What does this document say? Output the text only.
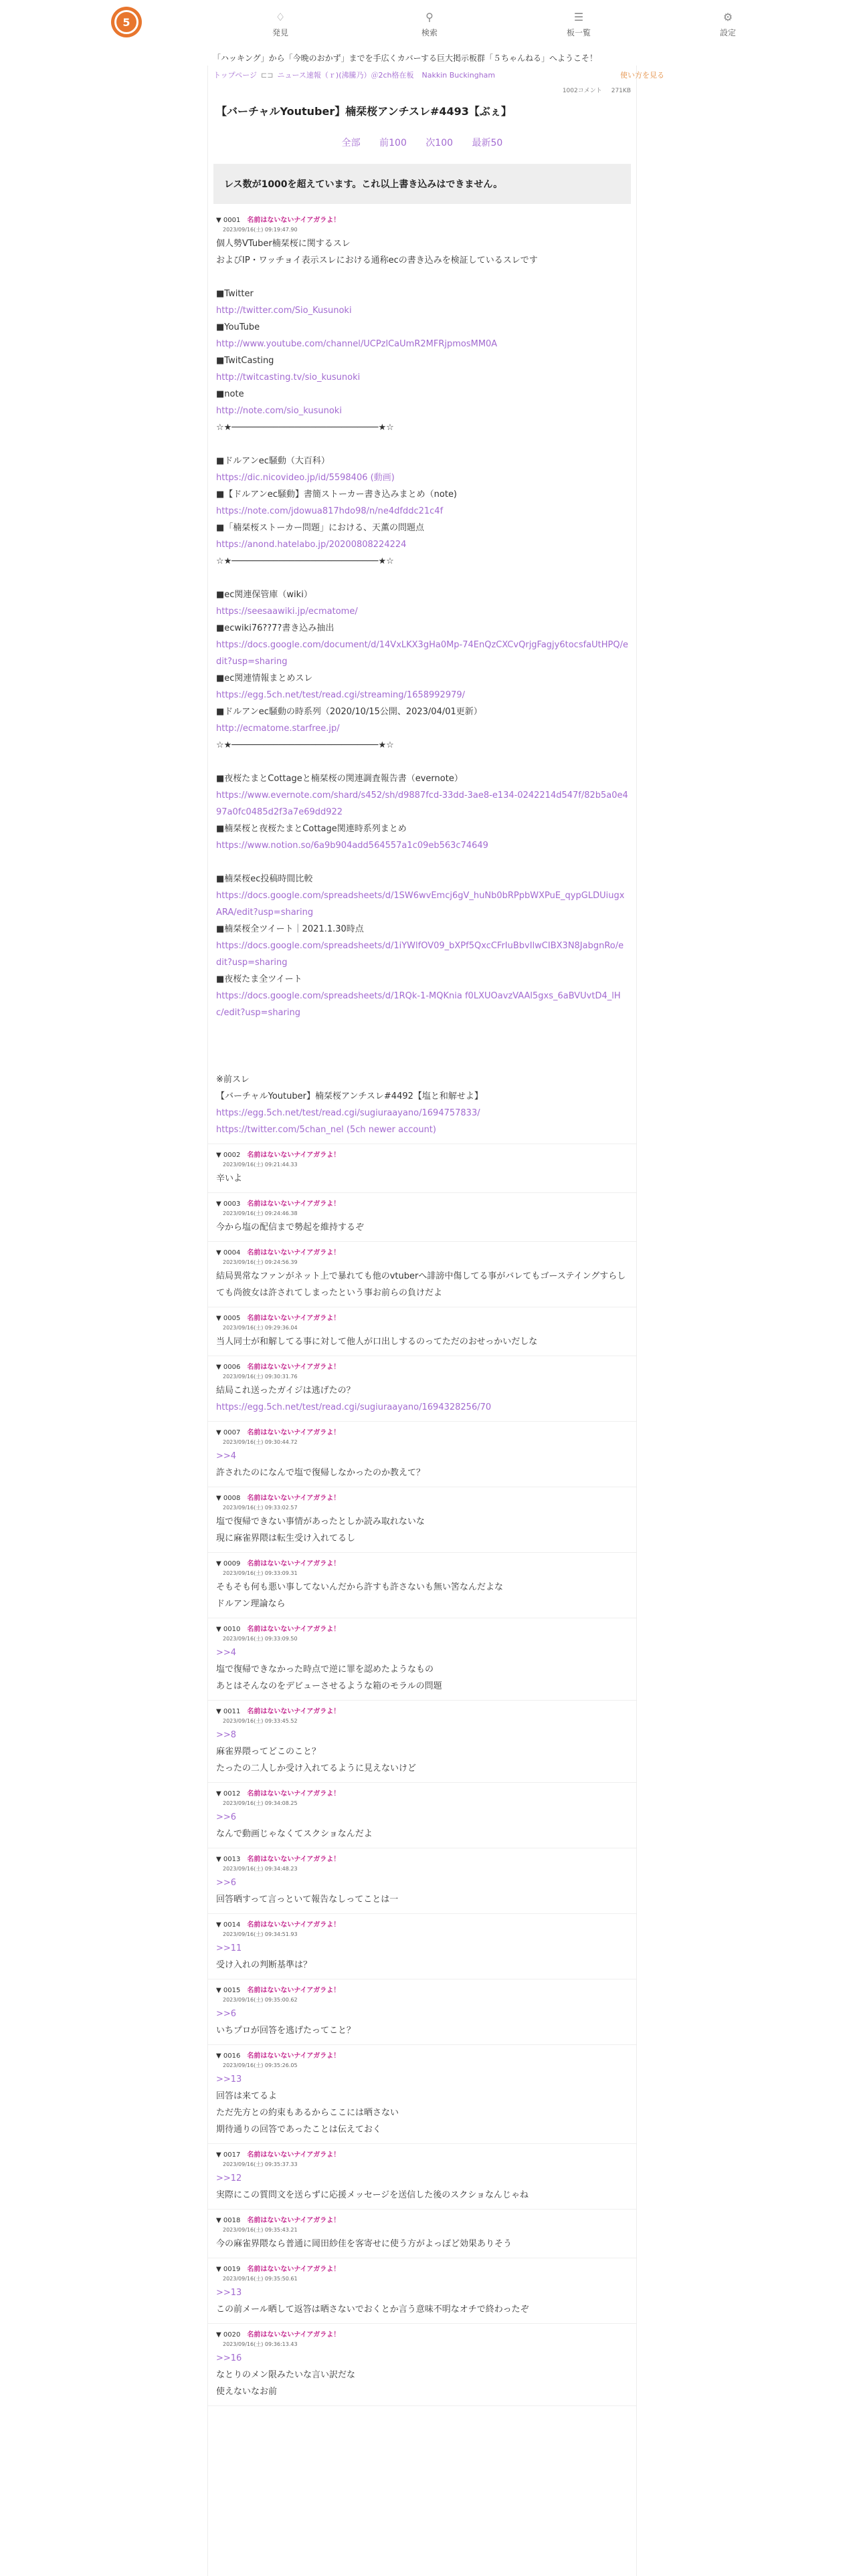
5	♢
発見
⚲
検索
☰
板一覧
⚙
設定
「ハッキング」から「今晩のおかず」までを手広くカバーする巨大掲示板群「５ちゃんねる」へようこそ！
トップページ ⊏⊐ ニュース速報（ｒ)(沸騰乃）＠2ch格在板 Nakkin Buckingham	使い方を見る
1002コメント 271KB
【バーチャルYoutuber】楠栞桜アンチスレ#4493【ぶぇ】
全部 前100 次100 最新50
レス数が1000を超えています。これ以上書き込みはできません。
▼ 0001 名前はないないナイアガラよ！
2023/09/16(土) 09:19:47.90
個人勢VTuber楠栞桜に関するスレ
およびIP・ワッチョイ表示スレにおける通称ecの書き込みを検証しているスレです

■Twitter
http://twitter.com/Sio_Kusunoki
■YouTube
http://www.youtube.com/channel/UCPzlCaUmR2MFRjpmosMM0A
■TwitCasting
http://twitcasting.tv/sio_kusunoki
■note
http://note.com/sio_kusunoki
☆★────────────────────────────★☆

■ドルアンec騒動（大百科）
https://dic.nicovideo.jp/id/5598406 (動画)
■【ドルアンec騒動】書簡ストーカー書き込みまとめ（note)
https://note.com/jdowua817hdo98/n/ne4dfddc21c4f
■「楠栞桜ストーカー問題」における、天薫の問題点
https://anond.hatelabo.jp/20200808224224
☆★────────────────────────────★☆

■ec関連保管庫（wiki）
https://seesaawiki.jp/ecmatome/
■ecwiki76??7?書き込み抽出
https://docs.google.com/document/d/14VxLKX3gHa0Mp-74EnQzCXCvQrjgFagjy6tocsfaUtHPQ/edit?usp=sharing
■ec関連情報まとめスレ
https://egg.5ch.net/test/read.cgi/streaming/1658992979/
■ドルアンec騒動の時系列（2020/10/15公開、2023/04/01更新）
http://ecmatome.starfree.jp/
☆★────────────────────────────★☆

■夜桜たまとCottageと楠栞桜の関連調査報告書（evernote）
https://www.evernote.com/shard/s452/sh/d9887fcd-33dd-3ae8-e134-0242214d547f/82b5a0e497a0fc0485d2f3a7e69dd922
■楠栞桜と夜桜たまとCottage関連時系列まとめ
https://www.notion.so/6a9b904add564557a1c09eb563c74649

■楠栞桜ec投稿時間比較
https://docs.google.com/spreadsheets/d/1SW6wvEmcj6gV_huNb0bRPpbWXPuE_qypGLDUiugxARA/edit?usp=sharing
■楠栞桜全ツイート｜2021.1.30時点
https://docs.google.com/spreadsheets/d/1iYWlfOV09_bXPf5QxcCFrIuBbvIlwCIBX3N8JabgnRo/edit?usp=sharing
■夜桜たま全ツイート
https://docs.google.com/spreadsheets/d/1RQk-1-MQKnia f0LXUOavzVAAl5gxs_6aBVUvtD4_lHc/edit?usp=sharing

※前スレ
【バーチャルYoutuber】楠栞桜アンチスレ#4492【塩と和解せよ】
https://egg.5ch.net/test/read.cgi/sugiuraayano/1694757833/
https://twitter.com/5chan_nel (5ch newer account)
▼ 0002 名前はないないナイアガラよ！
2023/09/16(土) 09:21:44.33
辛いよ
▼ 0003 名前はないないナイアガラよ！
2023/09/16(土) 09:24:46.38
今から塩の配信まで勢起を維持するぞ
▼ 0004 名前はないないナイアガラよ！
2023/09/16(土) 09:24:56.39
結局異常なファンがネット上で暴れても他のvtuberへ誹謗中傷してる事がバレてもゴーステイングすらしても尚彼女は許されてしまったという事お前らの負けだよ
▼ 0005 名前はないないナイアガラよ！
2023/09/16(土) 09:29:36.04
当人同士が和解してる事に対して他人が口出しするのってただのおせっかいだしな
▼ 0006 名前はないないナイアガラよ！
2023/09/16(土) 09:30:31.76
結局これ送ったガイジは逃げたの？
https://egg.5ch.net/test/read.cgi/sugiuraayano/1694328256/70
▼ 0007 名前はないないナイアガラよ！
2023/09/16(土) 09:30:44.72
>>4
許されたのになんで塩で復帰しなかったのか教えて？
▼ 0008 名前はないないナイアガラよ！
2023/09/16(土) 09:33:02.57
塩で復帰できない事情があったとしか読み取れないな
現に麻雀界隈は転生受け入れてるし
▼ 0009 名前はないないナイアガラよ！
2023/09/16(土) 09:33:09.31
そもそも何も悪い事してないんだから許すも許さないも無い筈なんだよな
ドルアン理論なら
▼ 0010 名前はないないナイアガラよ！
2023/09/16(土) 09:33:09.50
>>4
塩で復帰できなかった時点で逆に罪を認めたようなもの
あとはそんなのをデビューさせるような箱のモラルの問題
▼ 0011 名前はないないナイアガラよ！
2023/09/16(土) 09:33:45.52
>>8
麻雀界隈ってどこのこと？
たったの二人しか受け入れてるように見えないけど
▼ 0012 名前はないないナイアガラよ！
2023/09/16(土) 09:34:08.25
>>6
なんで動画じゃなくてスクショなんだよ
▼ 0013 名前はないないナイアガラよ！
2023/09/16(土) 09:34:48.23
>>6
回答晒すって言っといて報告なしってことは一
▼ 0014 名前はないないナイアガラよ！
2023/09/16(土) 09:34:51.93
>>11
受け入れの判断基準は？
▼ 0015 名前はないないナイアガラよ！
2023/09/16(土) 09:35:00.62
>>6
いちプロが回答を逃げたってこと？
▼ 0016 名前はないないナイアガラよ！
2023/09/16(土) 09:35:26.05
>>13
回答は来てるよ
ただ先方との約束もあるからここには晒さない
期待通りの回答であったことは伝えておく
▼ 0017 名前はないないナイアガラよ！
2023/09/16(土) 09:35:37.33
>>12
実際にこの質問文を送らずに応援メッセージを送信した後のスクショなんじゃね
▼ 0018 名前はないないナイアガラよ！
2023/09/16(土) 09:35:43.21
今の麻雀界隈なら普通に岡田紗佳を客寄せに使う方がよっぽど効果ありそう
▼ 0019 名前はないないナイアガラよ！
2023/09/16(土) 09:35:50.61
>>13
この前メール晒して返答は晒さないでおくとか言う意味不明なオチで終わったぞ
▼ 0020 名前はないないナイアガラよ！
2023/09/16(土) 09:36:13.43
>>16
なとりのメン限みたいな言い訳だな
使えないなお前
